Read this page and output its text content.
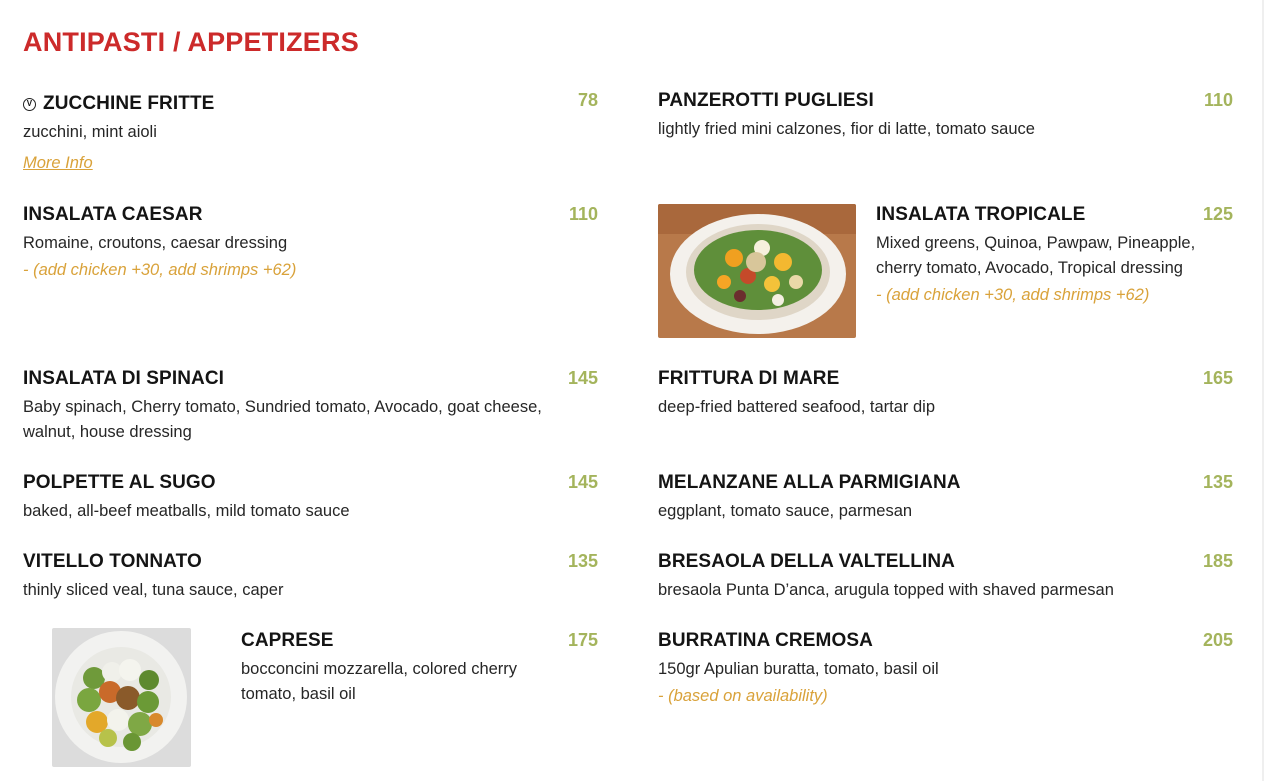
ANTIPASTI / APPETIZERS
V ZUCCHINE FRITTE	78
zucchini, mint aioli
More Info
INSALATA CAESAR	110
Romaine, croutons, caesar dressing
- (add chicken +30, add shrimps +62)
INSALATA DI SPINACI	145
Baby spinach, Cherry tomato, Sundried tomato, Avocado, goat cheese, walnut, house dressing
POLPETTE AL SUGO	145
baked, all-beef meatballs, mild tomato sauce
VITELLO TONNATO	135
thinly sliced veal, tuna sauce, caper
CAPRESE	175
bocconcini mozzarella, colored cherry tomato, basil oil
PANZEROTTI PUGLIESI	110
lightly fried mini calzones, fior di latte, tomato sauce
INSALATA TROPICALE	125
Mixed greens, Quinoa, Pawpaw, Pineapple, cherry tomato, Avocado, Tropical dressing
- (add chicken +30, add shrimps +62)
FRITTURA DI MARE	165
deep-fried battered seafood, tartar dip
MELANZANE ALLA PARMIGIANA	135
eggplant, tomato sauce, parmesan
BRESAOLA DELLA VALTELLINA	185
bresaola Punta D’anca, arugula topped with shaved parmesan
BURRATINA CREMOSA	205
150gr Apulian buratta, tomato, basil oil
- (based on availability)
